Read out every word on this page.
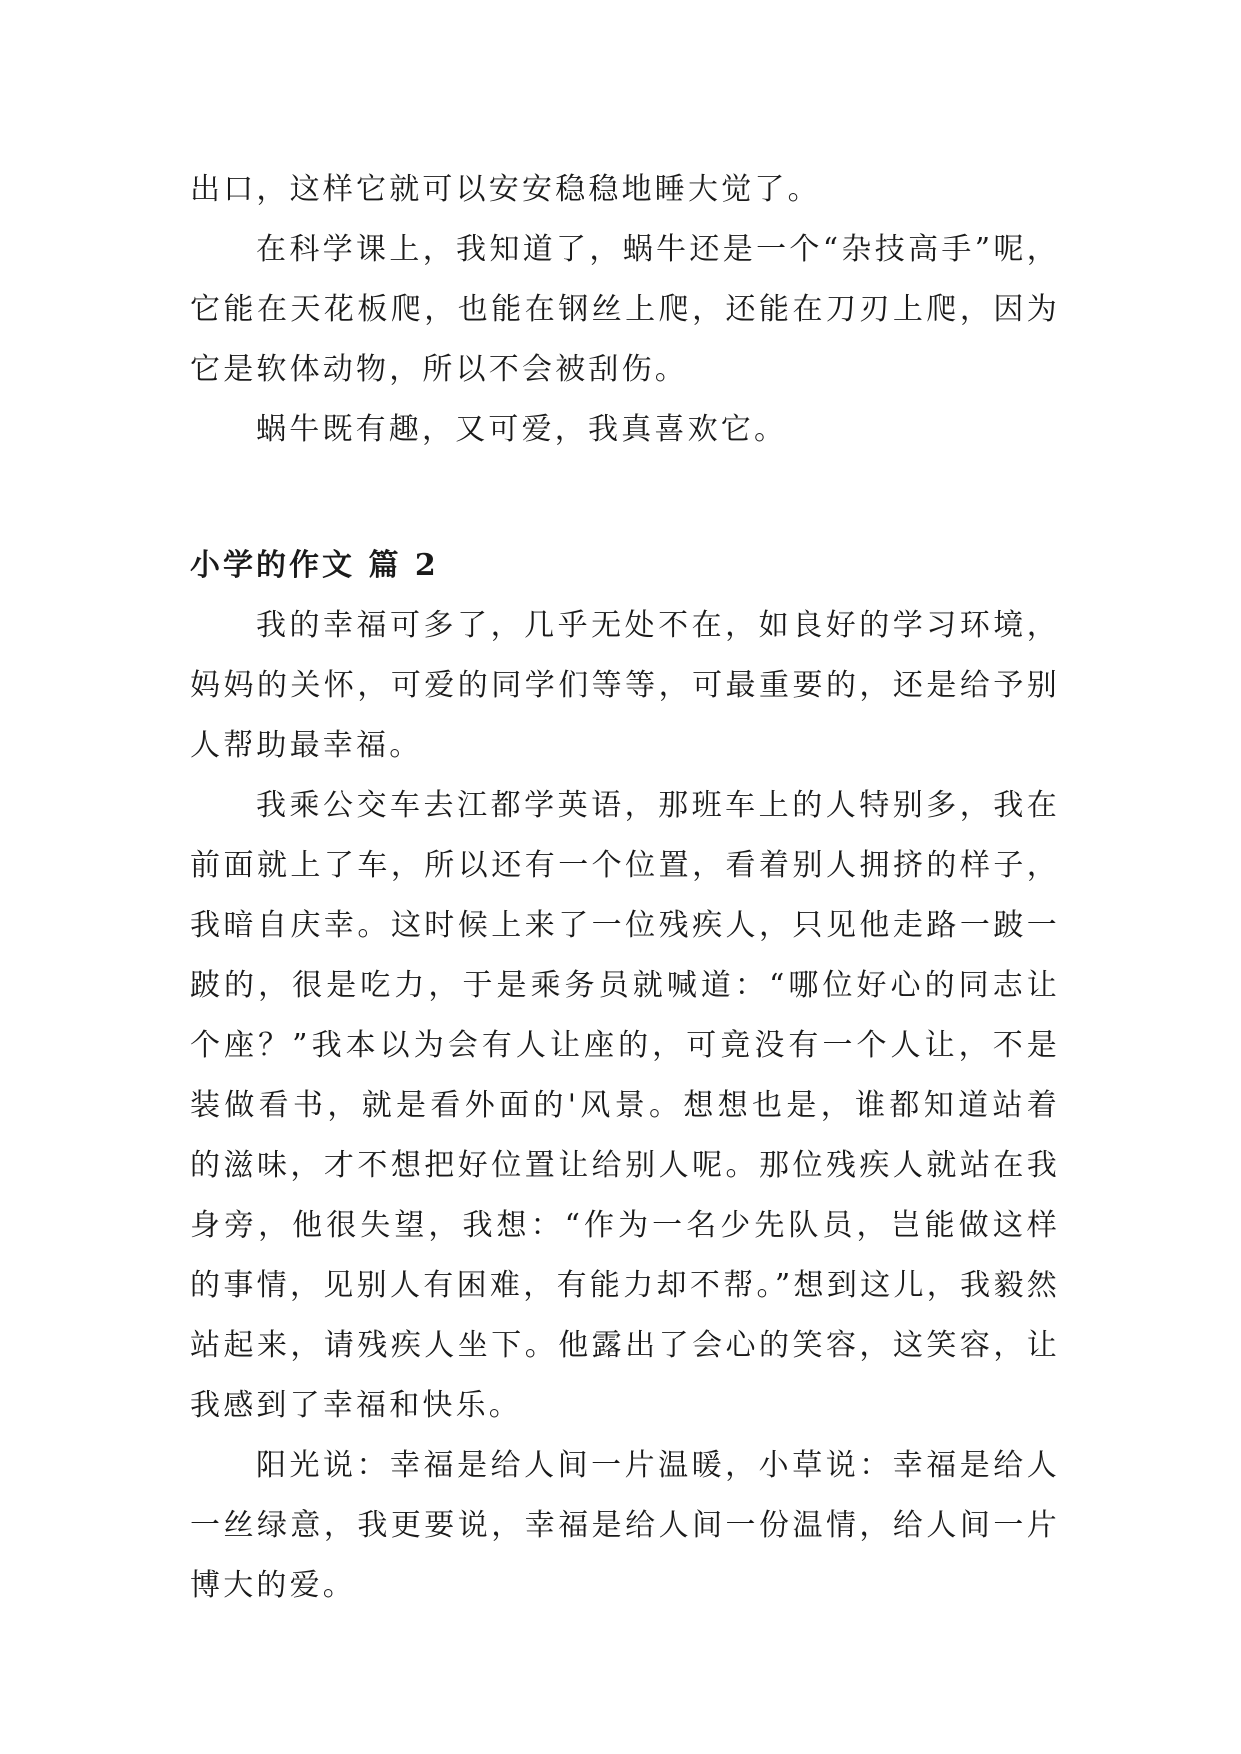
出口，这样它就可以安安稳稳地睡大觉了。

在科学课上，我知道了，蜗牛还是一个“杂技高手”呢，它能在天花板爬，也能在钢丝上爬，还能在刀刃上爬，因为它是软体动物，所以不会被刮伤。

蜗牛既有趣，又可爱，我真喜欢它。

小学的作文 篇 2

我的幸福可多了，几乎无处不在，如良好的学习环境，妈妈的关怀，可爱的同学们等等，可最重要的，还是给予别人帮助最幸福。

我乘公交车去江都学英语，那班车上的人特别多，我在前面就上了车，所以还有一个位置，看着别人拥挤的样子，我暗自庆幸。这时候上来了一位残疾人，只见他走路一跛一跛的，很是吃力，于是乘务员就喊道：“哪位好心的同志让个座？”我本以为会有人让座的，可竟没有一个人让，不是装做看书，就是看外面的'风景。想想也是，谁都知道站着的滋味，才不想把好位置让给别人呢。那位残疾人就站在我身旁，他很失望，我想：“作为一名少先队员，岂能做这样的事情，见别人有困难，有能力却不帮。”想到这儿，我毅然站起来，请残疾人坐下。他露出了会心的笑容，这笑容，让我感到了幸福和快乐。

阳光说：幸福是给人间一片温暖，小草说：幸福是给人一丝绿意，我更要说，幸福是给人间一份温情，给人间一片博大的爱。
